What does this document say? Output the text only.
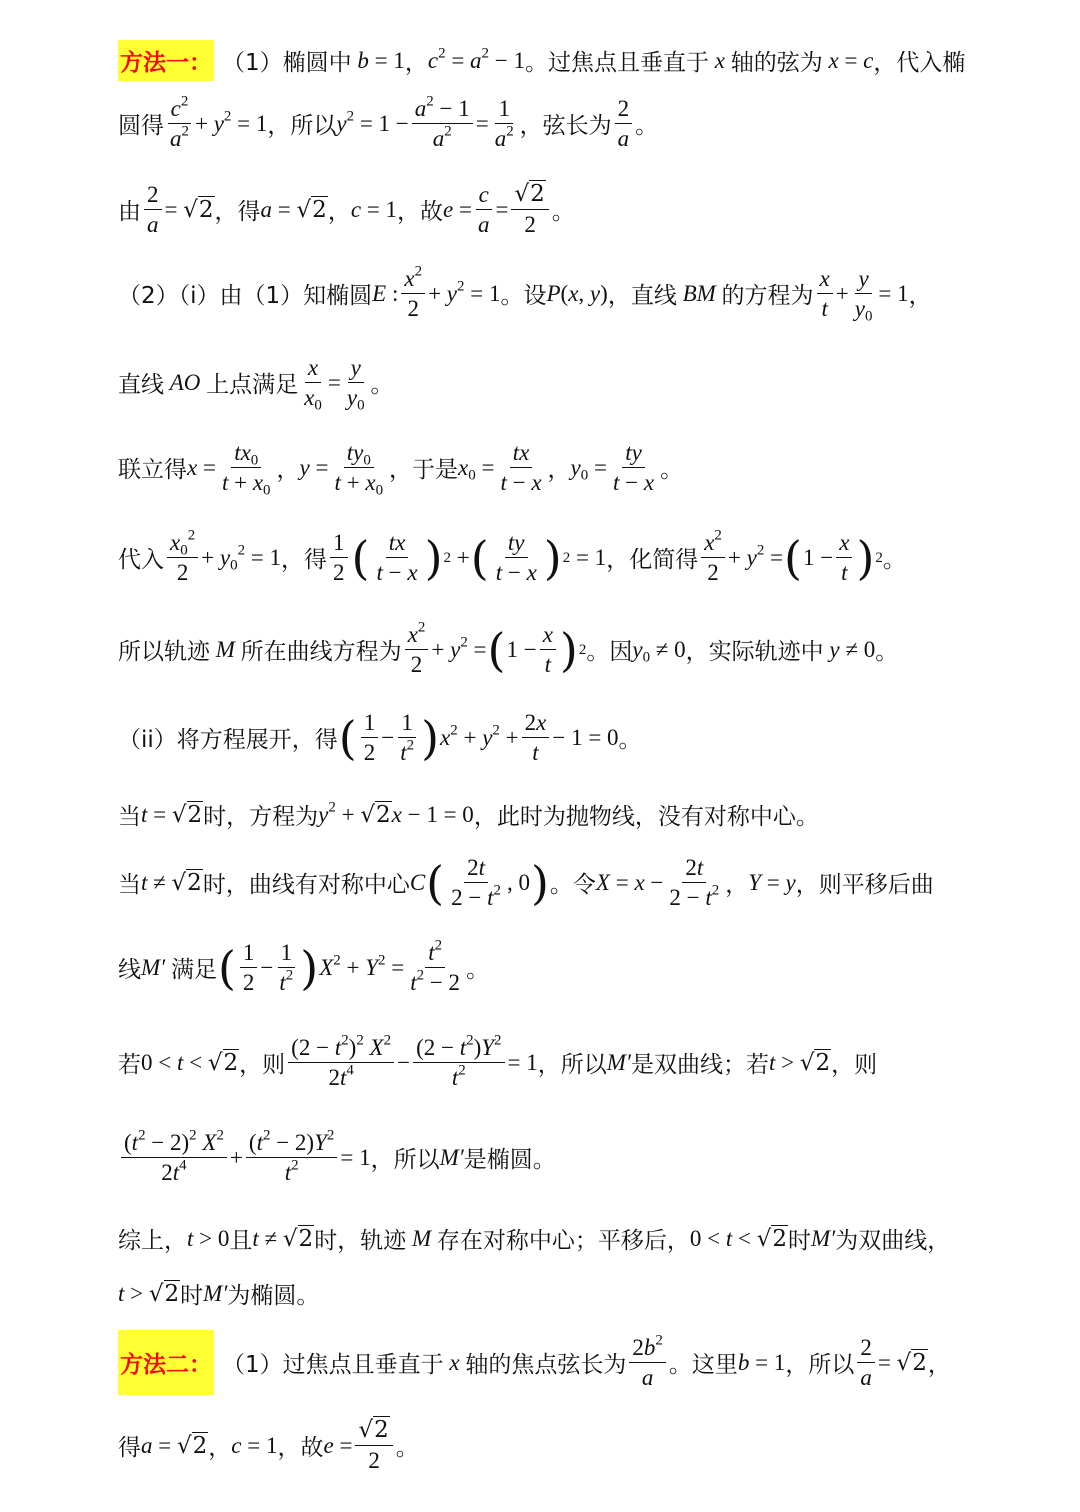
方法一： （1）椭圆中 b = 1 ， $c^2 = a^2 - 1$ 。 过焦点且垂直于 x 轴的弦为 x = c ，代入椭
圆得 $\frac{c^2}{a^2} + y^2 = 1$ ，所以 $y^2 = 1 - \frac{a^2 - 1}{a^2} = \frac{1}{a^2}$ ，弦长为 $\frac{2}{a}$ 。
由 $\frac{2}{a} = √2$ ，得 a = √2 ， c = 1 ，故 $e = \frac{c}{a} = \frac{√2}{2}$ 。
（2）（i）由（1）知椭圆 E : $\frac{x^2}{2} + y^2 = 1$ 。设 P(x, y) ，直线 BM 的方程为 $\frac{x}{t} + \frac{y}{y_0} = 1$ ，
直线 AO 上点满足 $\frac{x}{x_0} = \frac{y}{y_0}$ 。
联立得 $x = \frac{tx_0}{t + x_0}$ ， $y = \frac{ty_0}{t + x_0}$ ，于是 $x_0 = \frac{tx}{t - x}$ ， $y_0 = \frac{ty}{t - x}$ 。
代入 $\frac{x_0^2}{2} + y_0^2 = 1$ ，得 $\frac{1}{2}$ ( $\frac{tx}{t - x}$ ) 2 + ( $\frac{ty}{t - x}$ ) 2 = 1 ，化简得 $\frac{x^2}{2} + y^2$ = ( $1 - \frac{x}{t}$ ) 2 。
所以轨迹 M 所在曲线方程为 $\frac{x^2}{2} + y^2$ = ( $1 - \frac{x}{t}$ ) 2 。因 $y_0 \ne 0$ ，实际轨迹中 y ≠ 0 。
（ii）将方程展开，得 ( $\frac{1}{2} - \frac{1}{t^2}$ ) $x^2 + y^2 + \frac{2x}{t} - 1 = 0$ 。
当 t = √2 时，方程为 $y^2 + √2$ x − 1 = 0 ，此时为抛物线，没有对称中心。
当 t ≠ √2 时，曲线有对称中心 C ( $\frac{2t}{2 - t^2}$ , 0 ) 。令 $X = x - \frac{2t}{2 - t^2}$ ， Y = y ，则平移后曲
线 M′ 满足 ( $\frac{1}{2} - \frac{1}{t^2}$ ) $X^2 + Y^2 = \frac{t^2}{t^2 - 2}$ 。
若 0 < t < √2 ，则 $\frac{(2 - t^2)^2 X^2}{2t^4} - \frac{(2 - t^2)Y^2}{t^2} = 1$ ，所以 M′ 是双曲线；若 t > √2 ，则
$\frac{(t^2 - 2)^2 X^2}{2t^4} + \frac{(t^2 - 2)Y^2}{t^2} = 1$ ，所以 M′ 是椭圆。
综上， t > 0 且 t ≠ √2 时，轨迹 M 存在对称中心；平移后， 0 < t < √2 时 M′ 为双曲线，
t > √2 时 M′ 为椭圆。
方法二： （1）过焦点且垂直于 x 轴的焦点弦长为 $\frac{2b^2}{a}$ 。这里 b = 1 ，所以 $\frac{2}{a} = √2$ ，
得 a = √2 ， c = 1 ，故 $e = \frac{√2}{2}$ 。
